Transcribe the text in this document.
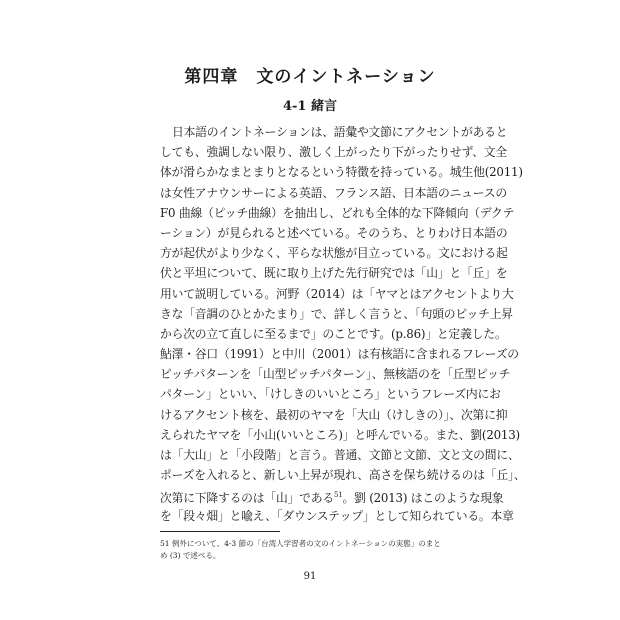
第四章　文のイントネーション
4-1 緒言
日本語のイントネーションは、語彙や文節にアクセントがあると
しても、強調しない限り、激しく上がったり下がったりせず、文全
体が滑らかなまとまりとなるという特徴を持っている。城生他(2011)
は女性アナウンサーによる英語、フランス語、日本語のニュースの
F0 曲線（ピッチ曲線）を抽出し、どれも全体的な下降傾向（デクテ
ーション）が見られると述べている。そのうち、とりわけ日本語の
方が起伏がより少なく、平らな状態が目立っている。文における起
伏と平坦について、既に取り上げた先行研究では「山」と「丘」を
用いて説明している。河野（2014）は「ヤマとはアクセントより大
きな「音調のひとかたまり」で、詳しく言うと、「句頭のピッチ上昇
から次の立て直しに至るまで」のことです。(p.86)」と定義した。
鮎澤・谷口（1991）と中川（2001）は有核語に含まれるフレーズの
ピッチパターンを「山型ピッチパターン」、無核語のを「丘型ピッチ
パターン」といい、「けしきのいいところ」というフレーズ内にお
けるアクセント核を、最初のヤマを「大山（けしきの）」、次第に抑
えられたヤマを「小山(いいところ)」と呼んでいる。また、劉(2013)
は「大山」と「小段階」と言う。普通、文節と文節、文と文の間に、
ポーズを入れると、新しい上昇が現れ、高さを保ち続けるのは「丘」、
次第に下降するのは「山」である$^{51}$。劉 (2013) はこのような現象
を「段々畑」と喩え、「ダウンステップ」として知られている。本章
51 例外について、4-3 節の「台湾人学習者の文のイントネーションの実態」のまと
め (3) で述べる。
91
